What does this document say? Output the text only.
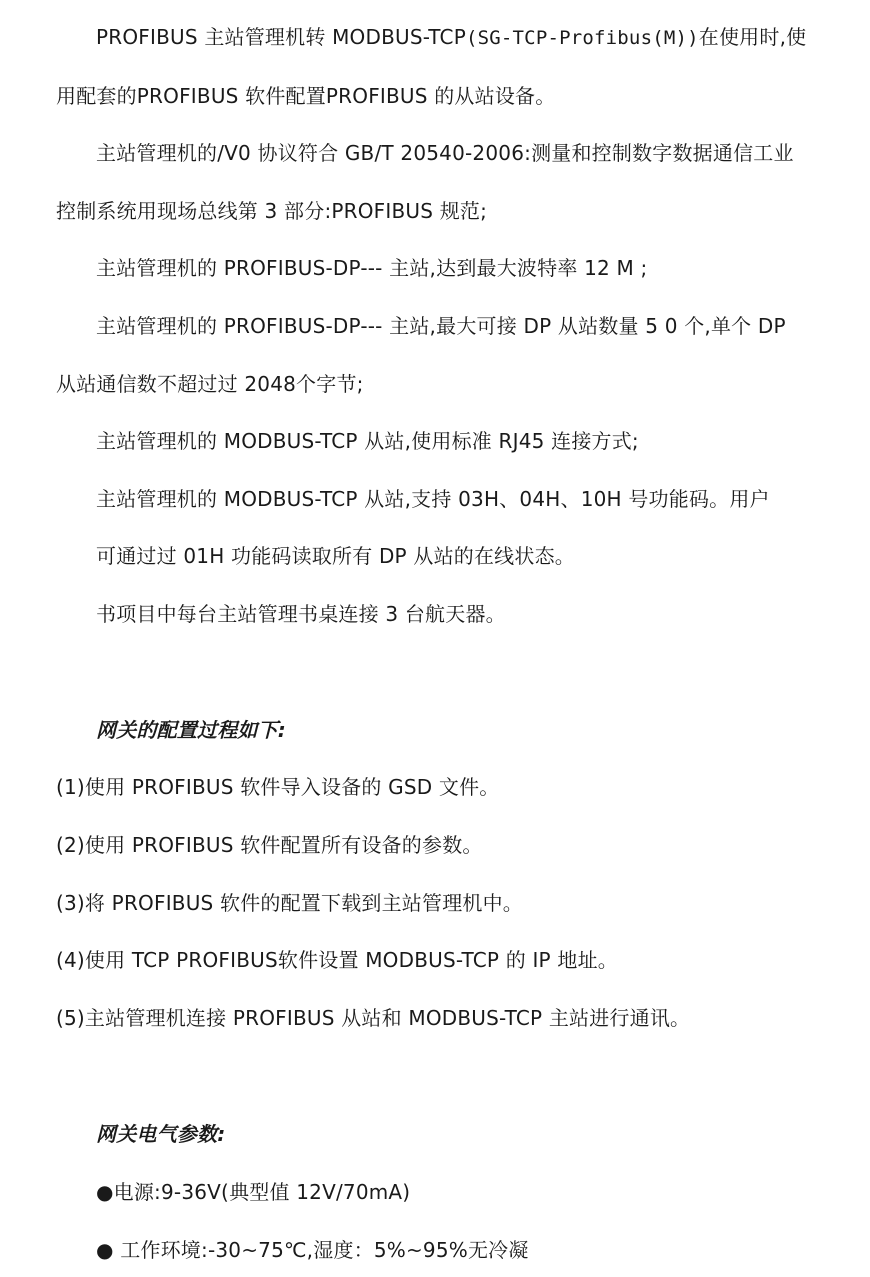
PROFIBUS 主站管理机转 MODBUS-TCP(SG-TCP-Profibus(M))在使用时,使
用配套的PROFIBUS 软件配置PROFIBUS 的从站设备。
主站管理机的/V0 协议符合 GB/T 20540-2006:测量和控制数字数据通信工业
控制系统用现场总线第 3 部分:PROFIBUS 规范;
主站管理机的 PROFIBUS-DP--- 主站,达到最大波特率 12 M ;
主站管理机的 PROFIBUS-DP--- 主站,最大可接 DP 从站数量 5 0 个,单个 DP
从站通信数不超过过 2048个字节;
主站管理机的 MODBUS-TCP 从站,使用标准 RJ45 连接方式;
主站管理机的 MODBUS-TCP 从站,支持 03H、04H、10H 号功能码。用户
可通过过 01H 功能码读取所有 DP 从站的在线状态。
书项目中每台主站管理书桌连接 3 台航天器。
网关的配置过程如下:
(1)使用 PROFIBUS 软件导入设备的 GSD 文件。
(2)使用 PROFIBUS 软件配置所有设备的参数。
(3)将 PROFIBUS 软件的配置下载到主站管理机中。
(4)使用 TCP PROFIBUS软件设置 MODBUS-TCP 的 IP 地址。
(5)主站管理机连接 PROFIBUS 从站和 MODBUS-TCP 主站进行通讯。
网关电气参数:
●电源:9-36V(典型值 12V/70mA)
● 工作环境:-30~75℃,湿度：5%~95%无冷凝
